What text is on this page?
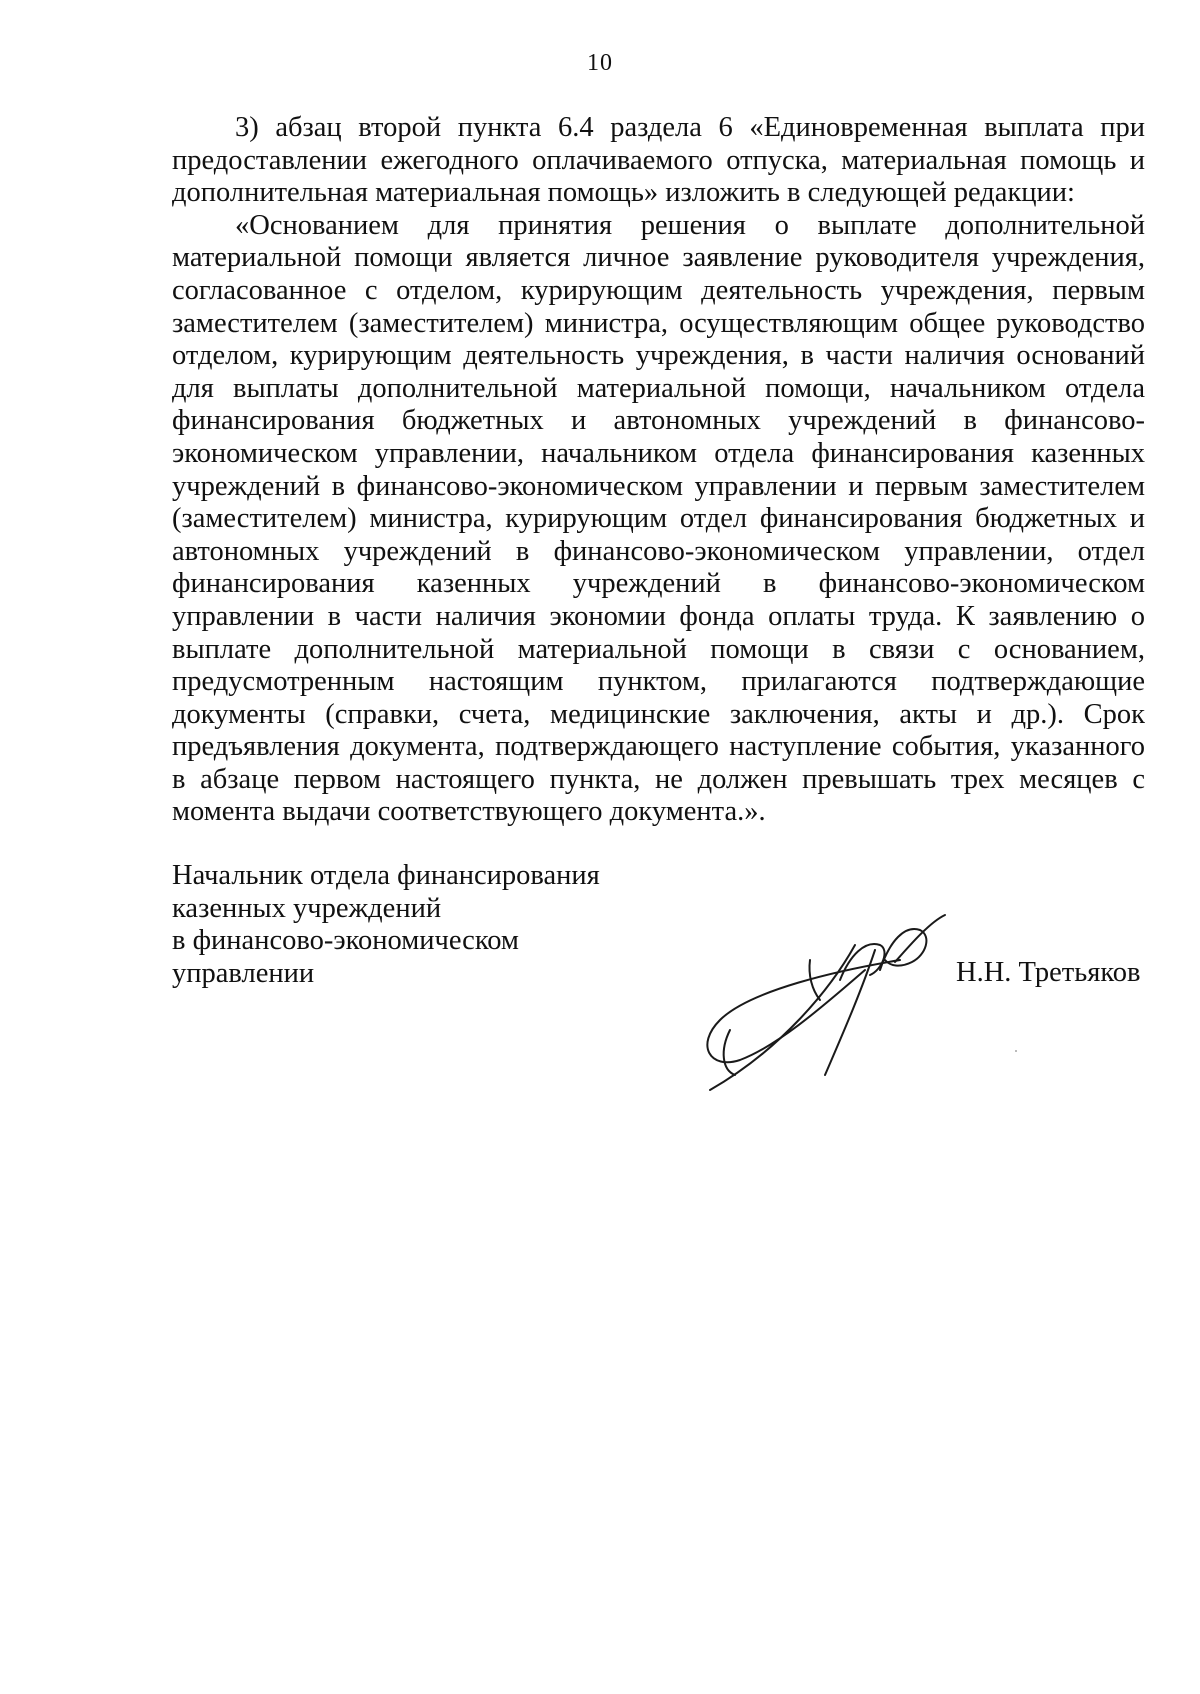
10

3) абзац второй пункта 6.4 раздела 6 «Единовременная выплата при предоставлении ежегодного оплачиваемого отпуска, материальная помощь и дополнительная материальная помощь» изложить в следующей редакции:

«Основанием для принятия решения о выплате дополнительной материальной помощи является личное заявление руководителя учреждения, согласованное с отделом, курирующим деятельность учреждения, первым заместителем (заместителем) министра, осуществляющим общее руководство отделом, курирующим деятельность учреждения, в части наличия оснований для выплаты дополнительной материальной помощи, начальником отдела финансирования бюджетных и автономных учреждений в финансово-экономическом управлении, начальником отдела финансирования казенных учреждений в финансово-экономическом управлении и первым заместителем (заместителем) министра, курирующим отдел финансирования бюджетных и автономных учреждений в финансово-экономическом управлении, отдел финансирования казенных учреждений в финансово-экономическом управлении в части наличия экономии фонда оплаты труда. К заявлению о выплате дополнительной материальной помощи в связи с основанием, предусмотренным настоящим пунктом, прилагаются подтверждающие документы (справки, счета, медицинские заключения, акты и др.). Срок предъявления документа, подтверждающего наступление события, указанного в абзаце первом настоящего пункта, не должен превышать трех месяцев с момента выдачи соответствующего документа.».

Начальник отдела финансирования
казенных учреждений
в финансово-экономическом
управлении	Н.Н. Третьяков
